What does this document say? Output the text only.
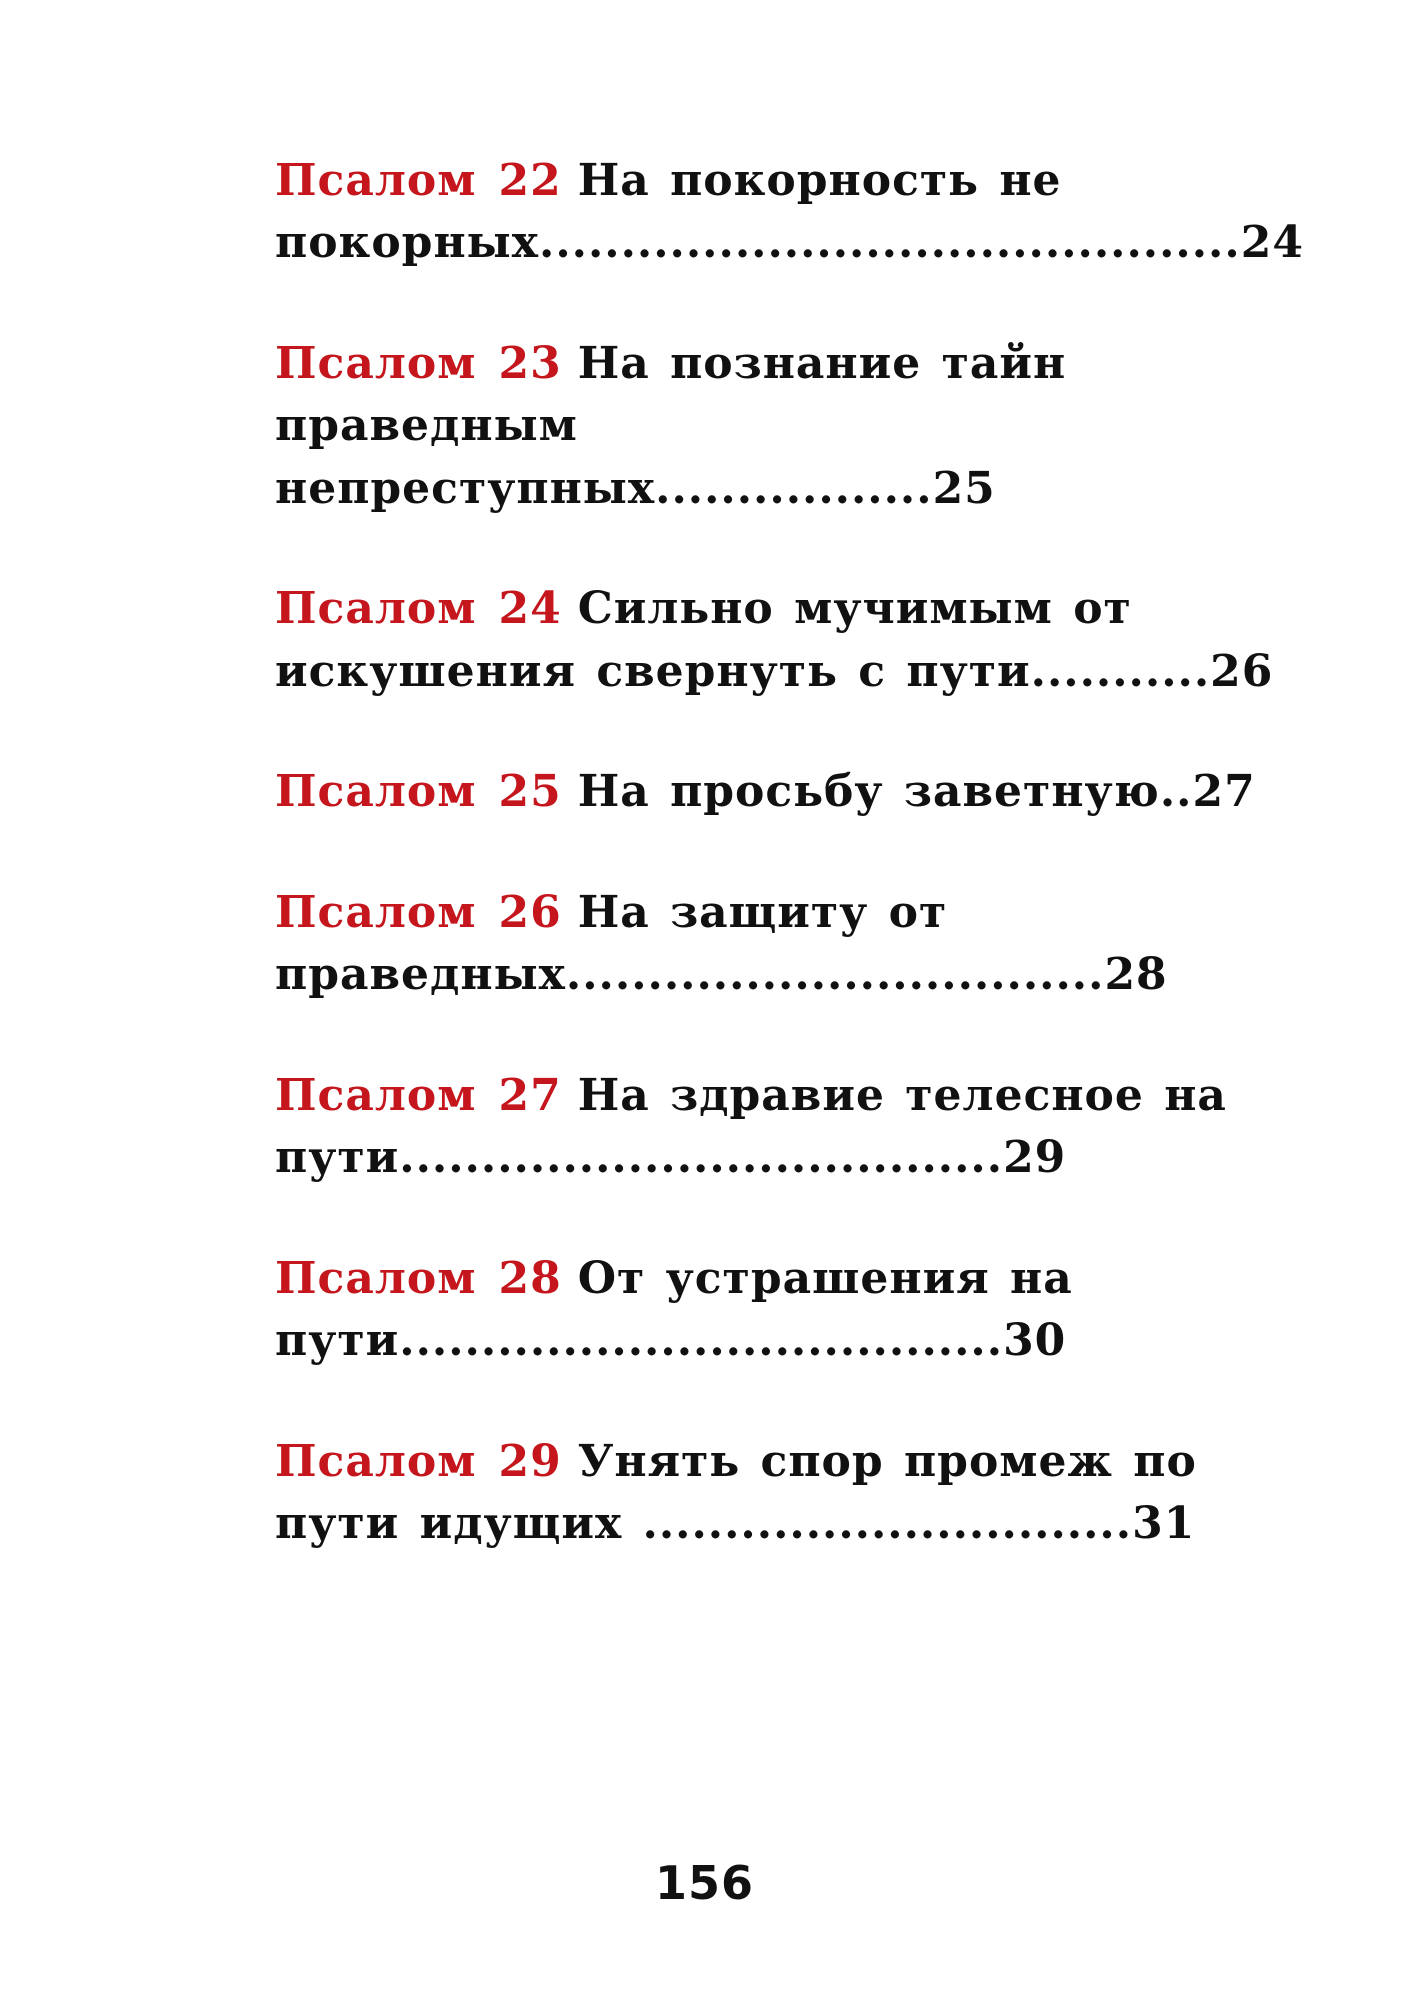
Псалом 22 На покорность не покорных...........................................24
Псалом 23 На познание тайн праведным непреступных.................25
Псалом 24 Сильно мучимым от искушения свернуть с пути...........26
Псалом 25 На просьбу заветную..27
Псалом 26 На защиту от праведных.................................28
Псалом 27 На здравие телесное на пути.....................................29
Псалом 28 От устрашения на пути.....................................30
Псалом 29 Унять спор промеж по пути идущих ..............................31
156
